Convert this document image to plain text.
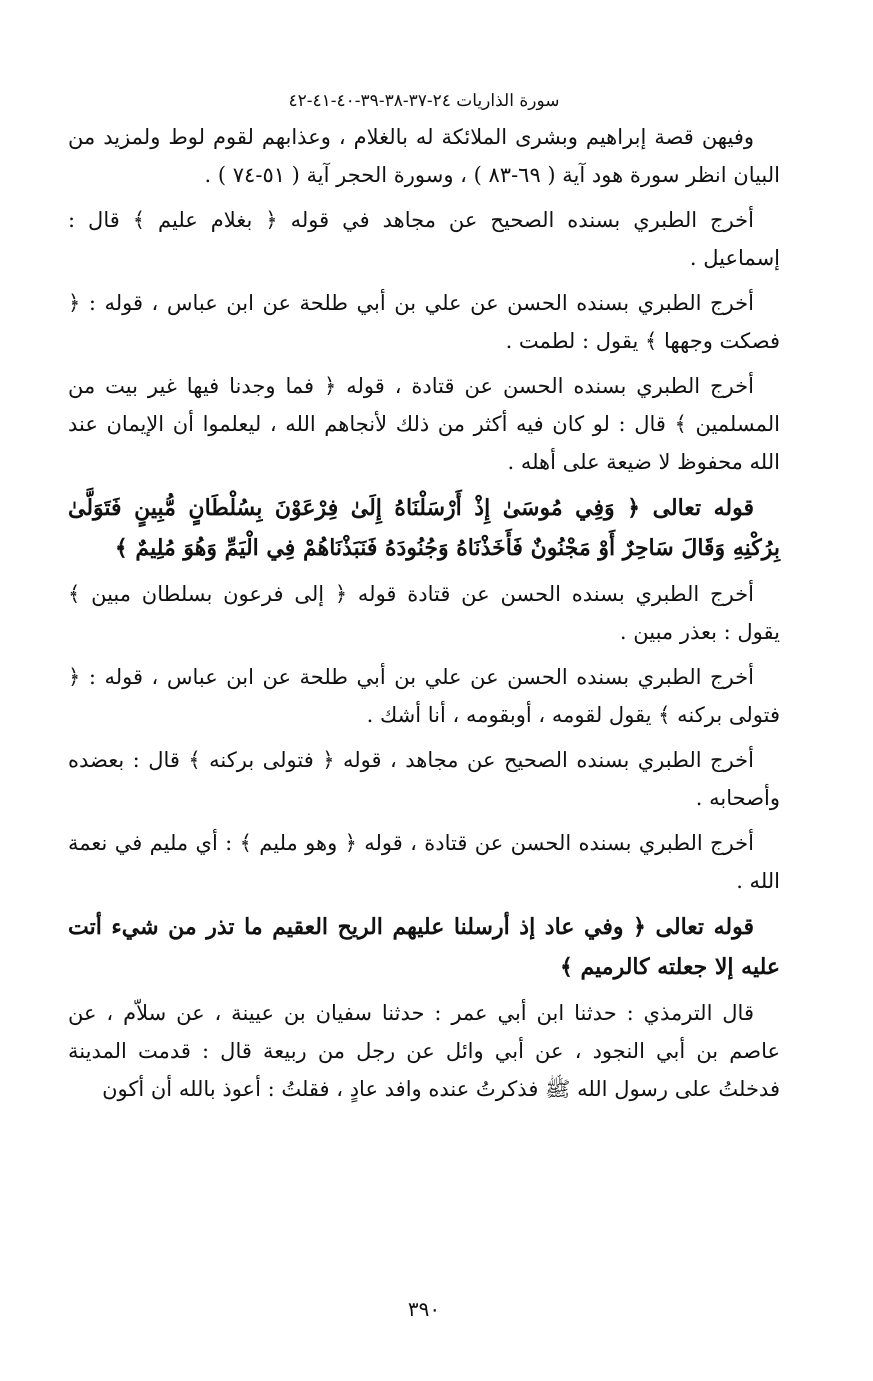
سورة الذاريات ٢٤-٣٧-٣٨-٣٩-٤٠-٤١-٤٢

وفيهن قصة إبراهيم وبشرى الملائكة له بالغلام ، وعذابهم لقوم لوط ولمزيد من البيان انظر سورة هود آية ( ٦٩-٨٣ ) ، وسورة الحجر آية ( ٥١-٧٤ ) .

أخرج الطبري بسنده الصحيح عن مجاهد في قوله ﴿ بغلام عليم ﴾ قال : إسماعيل .

أخرج الطبري بسنده الحسن عن علي بن أبي طلحة عن ابن عباس ، قوله : ﴿ فصكت وجهها ﴾ يقول : لطمت .

أخرج الطبري بسنده الحسن عن قتادة ، قوله ﴿ فما وجدنا فيها غير بيت من المسلمين ﴾ قال : لو كان فيه أكثر من ذلك لأنجاهم الله ، ليعلموا أن الإيمان عند الله محفوظ لا ضيعة على أهله .

قوله تعالى ﴿ وَفِي مُوسَىٰ إِذْ أَرْسَلْنَاهُ إِلَىٰ فِرْعَوْنَ بِسُلْطَانٍ مُّبِينٍ فَتَوَلَّىٰ بِرُكْنِهِ وَقَالَ سَاحِرٌ أَوْ مَجْنُونٌ فَأَخَذْنَاهُ وَجُنُودَهُ فَنَبَذْنَاهُمْ فِي الْيَمِّ وَهُوَ مُلِيمٌ ﴾

أخرج الطبري بسنده الحسن عن قتادة قوله ﴿ إلى فرعون بسلطان مبين ﴾ يقول : بعذر مبين .

أخرج الطبري بسنده الحسن عن علي بن أبي طلحة عن ابن عباس ، قوله : ﴿ فتولى بركنه ﴾ يقول لقومه ، أوبقومه ، أنا أشك .

أخرج الطبري بسنده الصحيح عن مجاهد ، قوله ﴿ فتولى بركنه ﴾ قال : بعضده وأصحابه .

أخرج الطبري بسنده الحسن عن قتادة ، قوله ﴿ وهو مليم ﴾ : أي مليم في نعمة الله .

قوله تعالى ﴿ وفي عاد إذ أرسلنا عليهم الريح العقيم ما تذر من شيء أتت عليه إلا جعلته كالرميم ﴾

قال الترمذي : حدثنا ابن أبي عمر : حدثنا سفيان بن عيينة ، عن سلاّم ، عن عاصم بن أبي النجود ، عن أبي وائل عن رجل من ربيعة قال : قدمت المدينة فدخلتُ على رسول الله ﷺ فذكرتُ عنده وافد عادٍ ، فقلتُ : أعوذ بالله أن أكون

٣٩٠
